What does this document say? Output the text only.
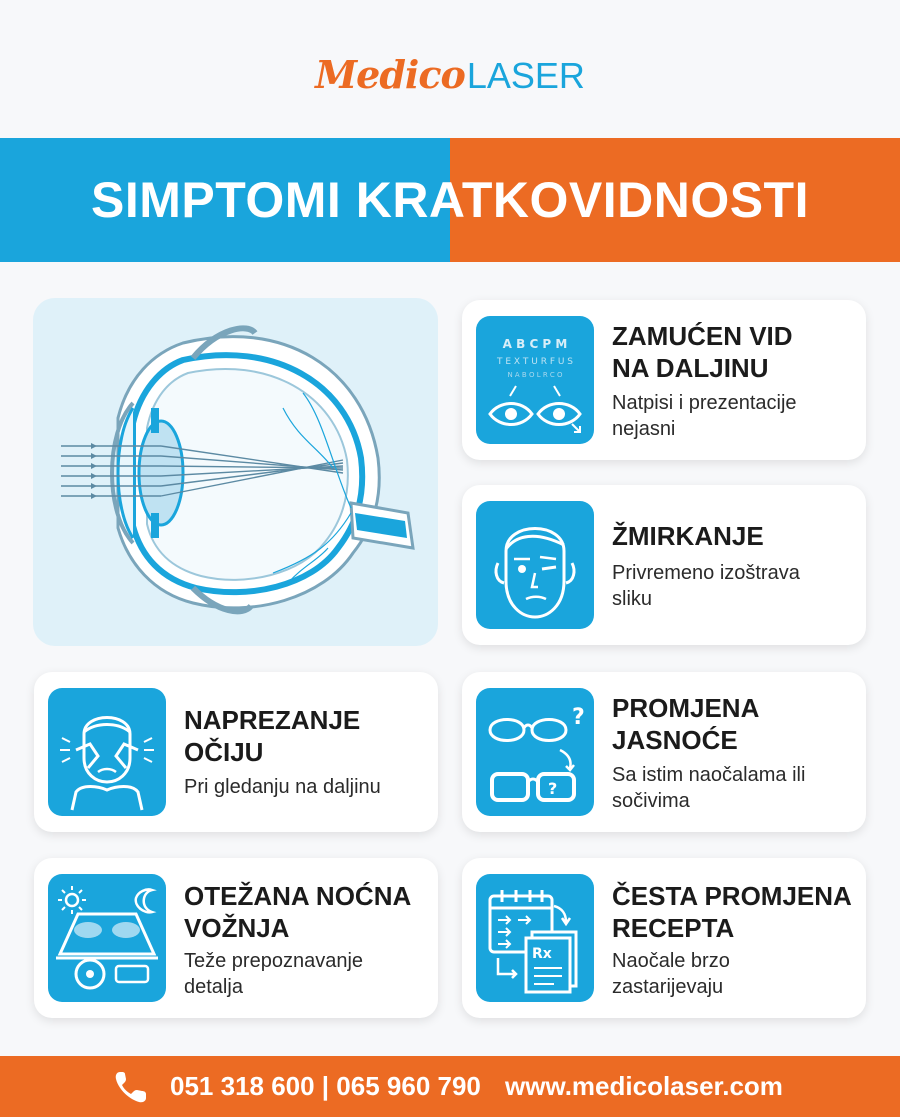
MedicoLASER
SIMPTOMI KRATKOVIDNOSTI
A B C P M
T E X T U R F U S
N A B O L R C O
ZAMUĆEN VID
NA DALJINU
Natpisi i prezentacije
nejasni
ŽMIRKANJE
Privremeno izoštrava
sliku
NAPREZANJE
OČIJU
Pri gledanju na daljinu
?
?
PROMJENA
JASNOĆE
Sa istim naočalama ili
sočivima
OTEŽANA NOĆNA
VOŽNJA
Teže prepoznavanje
detalja
Rx
ČESTA PROMJENA
RECEPTA
Naočale brzo
zastarijevaju
051 318 600 | 065 960 790 www.medicolaser.com
